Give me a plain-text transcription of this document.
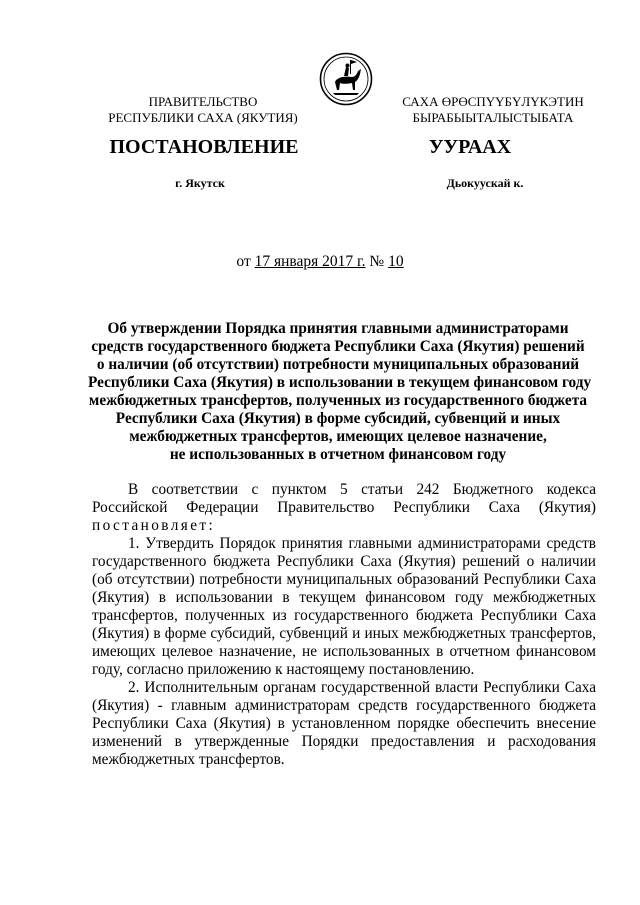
ПРАВИТЕЛЬСТВО
РЕСПУБЛИКИ САХА (ЯКУТИЯ)
САХА ӨРӨСПYYБYЛYКЭТИН
БЫРАБЫЫТАЛЫСТЫБАТА
ПОСТАНОВЛЕНИЕ	УУРААХ
г. Якутск	Дьокуускай к.
от 17 января 2017 г. № 10
Об утверждении Порядка принятия главными администраторами
средств государственного бюджета Республики Саха (Якутия) решений
о наличии (об отсутствии) потребности муниципальных образований
Республики Саха (Якутия) в использовании в текущем финансовом году
межбюджетных трансфертов, полученных из государственного бюджета
Республики Саха (Якутия) в форме субсидий, субвенций и иных
межбюджетных трансфертов, имеющих целевое назначение,
не использованных в отчетном финансовом году
В соответствии с пунктом 5 статьи 242 Бюджетного кодекса
Российской Федерации Правительство Республики Саха (Якутия)
постановляет:
1. Утвердить Порядок принятия главными администраторами средств
государственного бюджета Республики Саха (Якутия) решений о наличии
(об отсутствии) потребности муниципальных образований Республики Саха
(Якутия) в использовании в текущем финансовом году межбюджетных
трансфертов, полученных из государственного бюджета Республики Саха
(Якутия) в форме субсидий, субвенций и иных межбюджетных трансфертов,
имеющих целевое назначение, не использованных в отчетном финансовом
году, согласно приложению к настоящему постановлению.
2. Исполнительным органам государственной власти Республики Саха
(Якутия) - главным администраторам средств государственного бюджета
Республики Саха (Якутия) в установленном порядке обеспечить внесение
изменений в утвержденные Порядки предоставления и расходования
межбюджетных трансфертов.
